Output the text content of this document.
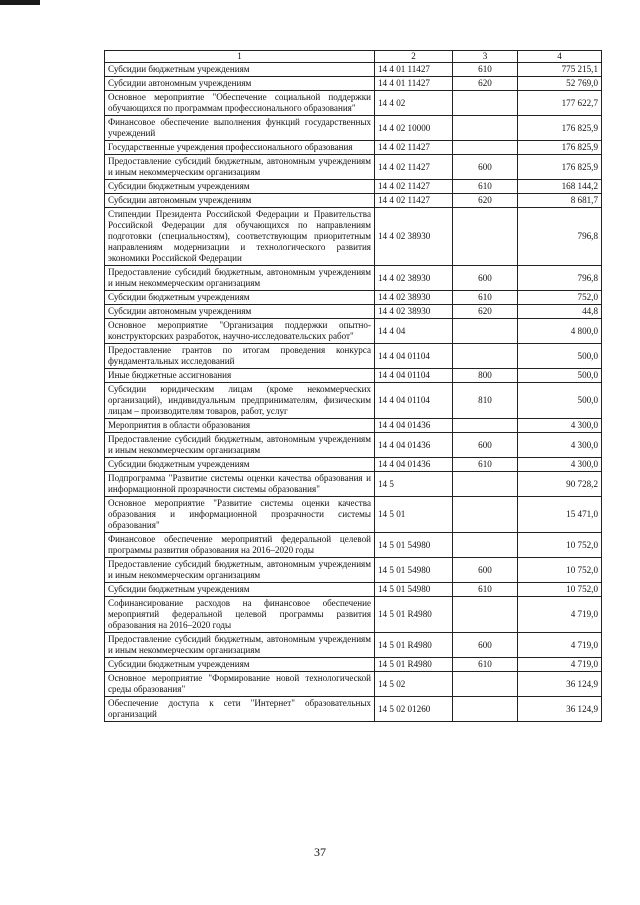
1	2	3	4
Субсидии бюджетным учреждениям	14 4 01 11427	610	775 215,1
Субсидии автономным учреждениям	14 4 01 11427	620	52 769,0
Основное мероприятие "Обеспечение социальной поддержки обучающихся по программам профессионального образования"	14 4 02		177 622,7
Финансовое обеспечение выполнения функций государственных учреждений	14 4 02 10000		176 825,9
Государственные учреждения профессионального образования	14 4 02 11427		176 825,9
Предоставление субсидий бюджетным, автономным учреждениям и иным некоммерческим организациям	14 4 02 11427	600	176 825,9
Субсидии бюджетным учреждениям	14 4 02 11427	610	168 144,2
Субсидии автономным учреждениям	14 4 02 11427	620	8 681,7
Стипендии Президента Российской Федерации и Правительства Российской Федерации для обучающихся по направлениям подготовки (специальностям), соответствующим приоритетным направлениям модернизации и технологического развития экономики Российской Федерации	14 4 02 38930		796,8
Предоставление субсидий бюджетным, автономным учреждениям и иным некоммерческим организациям	14 4 02 38930	600	796,8
Субсидии бюджетным учреждениям	14 4 02 38930	610	752,0
Субсидии автономным учреждениям	14 4 02 38930	620	44,8
Основное мероприятие "Организация поддержки опытно-конструкторских разработок, научно-исследовательских работ"	14 4 04		4 800,0
Предоставление грантов по итогам проведения конкурса фундаментальных исследований	14 4 04 01104		500,0
Иные бюджетные ассигнования	14 4 04 01104	800	500,0
Субсидии юридическим лицам (кроме некоммерческих организаций), индивидуальным предпринимателям, физическим лицам – производителям товаров, работ, услуг	14 4 04 01104	810	500,0
Мероприятия в области образования	14 4 04 01436		4 300,0
Предоставление субсидий бюджетным, автономным учреждениям и иным некоммерческим организациям	14 4 04 01436	600	4 300,0
Субсидии бюджетным учреждениям	14 4 04 01436	610	4 300,0
Подпрограмма "Развитие системы оценки качества образования и информационной прозрачности системы образования"	14 5		90 728,2
Основное мероприятие "Развитие системы оценки качества образования и информационной прозрачности системы образования"	14 5 01		15 471,0
Финансовое обеспечение мероприятий федеральной целевой программы развития образования на 2016–2020 годы	14 5 01 54980		10 752,0
Предоставление субсидий бюджетным, автономным учреждениям и иным некоммерческим организациям	14 5 01 54980	600	10 752,0
Субсидии бюджетным учреждениям	14 5 01 54980	610	10 752,0
Софинансирование расходов на финансовое обеспечение мероприятий федеральной целевой программы развития образования на 2016–2020 годы	14 5 01 R4980		4 719,0
Предоставление субсидий бюджетным, автономным учреждениям и иным некоммерческим организациям	14 5 01 R4980	600	4 719,0
Субсидии бюджетным учреждениям	14 5 01 R4980	610	4 719,0
Основное мероприятие "Формирование новой технологической среды образования"	14 5 02		36 124,9
Обеспечение доступа к сети "Интернет" образовательных организаций	14 5 02 01260		36 124,9
37
